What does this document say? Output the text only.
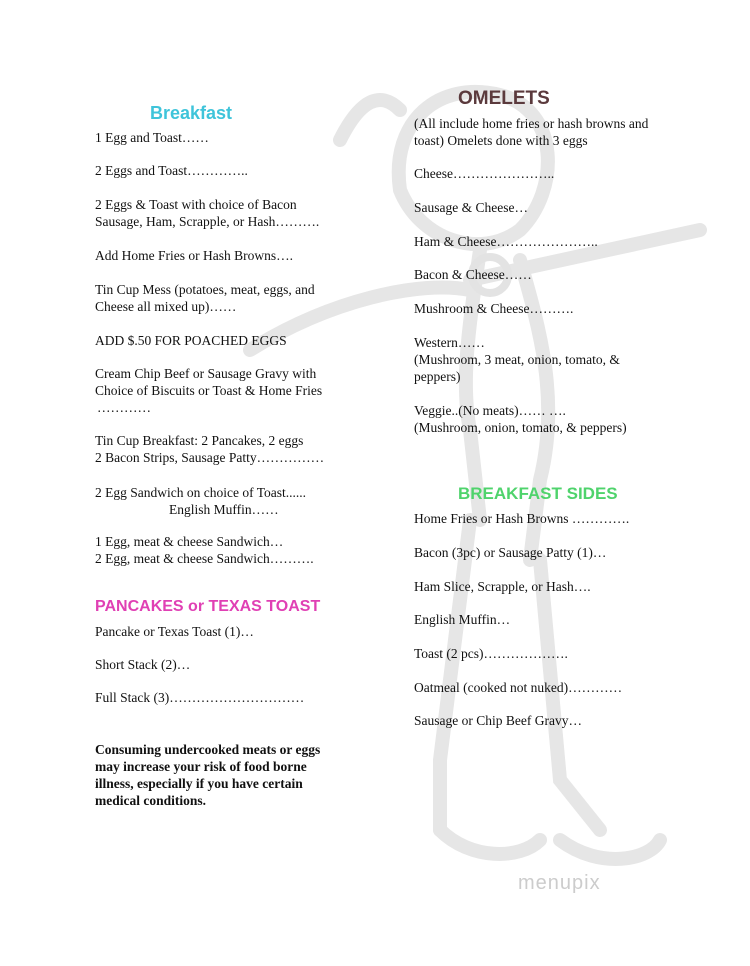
Breakfast
1 Egg and Toast……
2 Eggs and Toast…………..
2 Eggs & Toast with choice of Bacon
Sausage, Ham, Scrapple, or Hash……….
Add Home Fries or Hash Browns….
Tin Cup Mess (potatoes, meat, eggs, and
Cheese all mixed up)……
ADD $.50 FOR POACHED EGGS
Cream Chip Beef or Sausage Gravy with
Choice of Biscuits or Toast & Home Fries
…………
Tin Cup Breakfast: 2 Pancakes, 2 eggs
2 Bacon Strips, Sausage Patty……………
2 Egg Sandwich on choice of Toast......
English Muffin……
1 Egg, meat & cheese Sandwich…
2 Egg, meat & cheese Sandwich……….
PANCAKES or TEXAS TOAST
Pancake or Texas Toast (1)…
Short Stack (2)…
Full Stack (3)…………………………
Consuming undercooked meats or eggs may increase your risk of food borne illness, especially if you have certain medical conditions.
OMELETS
(All include home fries or hash browns and
toast) Omelets done with 3 eggs
Cheese…………………..
Sausage & Cheese…
Ham & Cheese…………………..
Bacon & Cheese……
Mushroom & Cheese……….
Western……
(Mushroom, 3 meat, onion, tomato, &
peppers)
Veggie..(No meats)…… ….
(Mushroom, onion, tomato, & peppers)
BREAKFAST SIDES
Home Fries or Hash Browns ………….
Bacon (3pc) or Sausage Patty (1)…
Ham Slice, Scrapple, or Hash….
English Muffin…
Toast (2 pcs)……………….
Oatmeal (cooked not nuked)…………
Sausage or Chip Beef Gravy…
menupix
